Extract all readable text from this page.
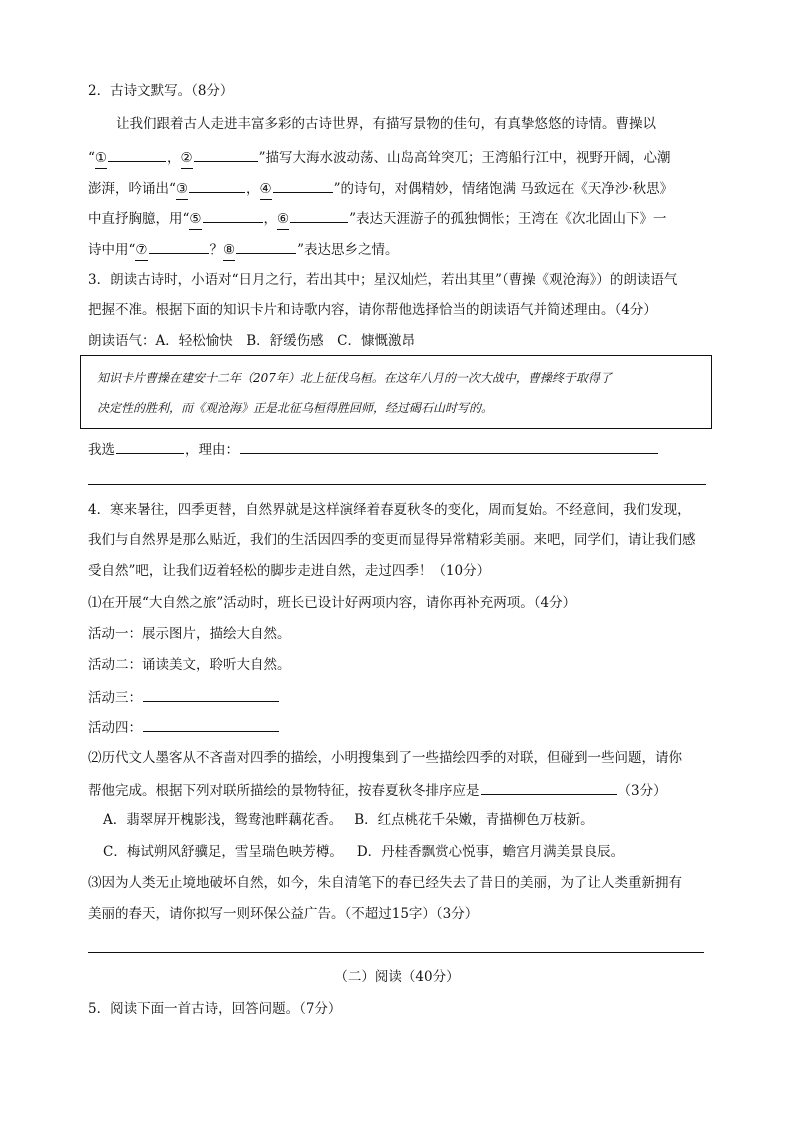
2．古诗文默写。（8分）
让我们跟着古人走进丰富多彩的古诗世界，有描写景物的佳句，有真挚悠悠的诗情。曹操以
“①	，②	”描写大海水波动荡、山岛高耸突兀；王湾船行江中，视野开阔，心潮
澎湃，吟诵出“③	，④	”的诗句，对偶精妙，情绪饱满 马致远在《天净沙·秋思》
中直抒胸臆，用“⑤	，⑥	”表达天涯游子的孤独惆怅；王湾在《次北固山下》一
诗中用“⑦	？⑧	”表达思乡之情。
3．朗读古诗时，小语对“日月之行，若出其中；星汉灿烂，若出其里”（曹操《观沧海》）的朗读语气
把握不准。根据下面的知识卡片和诗歌内容，请你帮他选择恰当的朗读语气并简述理由。（4分）
朗读语气：A．轻松愉快　B．舒缓伤感　C．慷慨激昂
知识卡片曹操在建安十二年（207年）北上征伐乌桓。在这年八月的一次大战中，曹操终于取得了
决定性的胜利，而《观沧海》正是北征乌桓得胜回师，经过碣石山时写的。
我选	，理由：
4．寒来暑往，四季更替，自然界就是这样演绎着春夏秋冬的变化，周而复始。不经意间，我们发现，
我们与自然界是那么贴近，我们的生活因四季的变更而显得异常精彩美丽。来吧，同学们，请让我们感
受自然”吧，让我们迈着轻松的脚步走进自然，走过四季！（10分）
⑴在开展“大自然之旅”活动时，班长已设计好两项内容，请你再补充两项。（4分）
活动一：展示图片，描绘大自然。
活动二：诵读美文，聆听大自然。
活动三：
活动四：
⑵历代文人墨客从不吝啬对四季的描绘，小明搜集到了一些描绘四季的对联，但碰到一些问题，请你
帮他完成。根据下列对联所描绘的景物特征，按春夏秋冬排序应是	（3分）
A．翡翠屏开槐影浅，鸳鸯池畔藕花香。 B．红点桃花千朵嫩，青描柳色万枝新。
C．梅试朔风舒骥足，雪呈瑞色映芳樽。 D．丹桂香飘赏心悦事，蟾宫月满美景良辰。
⑶因为人类无止境地破坏自然，如今，朱自清笔下的春已经失去了昔日的美丽，为了让人类重新拥有
美丽的春天，请你拟写一则环保公益广告。（不超过15字）（3分）
（二）阅读（40分）
5．阅读下面一首古诗，回答问题。（7分）
